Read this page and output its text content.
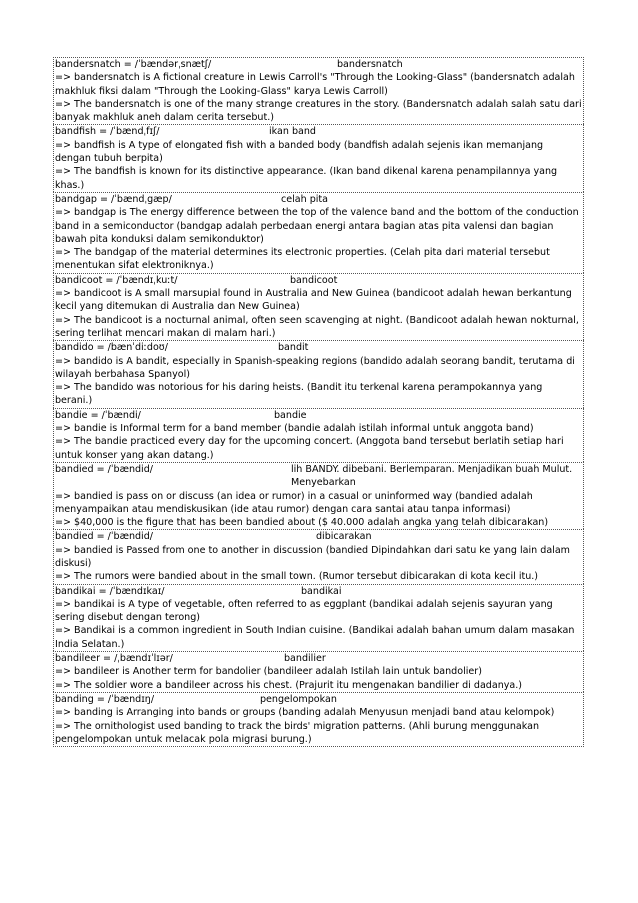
bandersnatch = /ˈbændərˌsnætʃ/	bandersnatch
=> bandersnatch is A fictional creature in Lewis Carroll's "Through the Looking-Glass" (bandersnatch adalah makhluk fiksi dalam "Through the Looking-Glass" karya Lewis Carroll)
=> The bandersnatch is one of the many strange creatures in the story. (Bandersnatch adalah salah satu dari banyak makhluk aneh dalam cerita tersebut.)
bandfish = /ˈbændˌfɪʃ/	ikan band
=> bandfish is A type of elongated fish with a banded body (bandfish adalah sejenis ikan memanjang dengan tubuh berpita)
=> The bandfish is known for its distinctive appearance. (Ikan band dikenal karena penampilannya yang khas.)
bandgap = /ˈbændˌgæp/	celah pita
=> bandgap is The energy difference between the top of the valence band and the bottom of the conduction band in a semiconductor (bandgap adalah perbedaan energi antara bagian atas pita valensi dan bagian bawah pita konduksi dalam semikonduktor)
=> The bandgap of the material determines its electronic properties. (Celah pita dari material tersebut menentukan sifat elektroniknya.)
bandicoot = /ˈbændɪˌkuːt/	bandicoot
=> bandicoot is A small marsupial found in Australia and New Guinea (bandicoot adalah hewan berkantung kecil yang ditemukan di Australia dan New Guinea)
=> The bandicoot is a nocturnal animal, often seen scavenging at night. (Bandicoot adalah hewan nokturnal, sering terlihat mencari makan di malam hari.)
bandido = /bænˈdiːdoʊ/	bandit
=> bandido is A bandit, especially in Spanish-speaking regions (bandido adalah seorang bandit, terutama di wilayah berbahasa Spanyol)
=> The bandido was notorious for his daring heists. (Bandit itu terkenal karena perampokannya yang berani.)
bandie = /ˈbændi/	bandie
=> bandie is Informal term for a band member (bandie adalah istilah informal untuk anggota band)
=> The bandie practiced every day for the upcoming concert. (Anggota band tersebut berlatih setiap hari untuk konser yang akan datang.)
bandied = /ˈbændid/	lih BANDY. dibebani. Berlemparan. Menjadikan buah Mulut. Menyebarkan
=> bandied is pass on or discuss (an idea or rumor) in a casual or uninformed way (bandied adalah menyampaikan atau mendiskusikan (ide atau rumor) dengan cara santai atau tanpa informasi)
=> $40,000 is the figure that has been bandied about ($ 40.000 adalah angka yang telah dibicarakan)
bandied = /ˈbændid/	dibicarakan
=> bandied is Passed from one to another in discussion (bandied Dipindahkan dari satu ke yang lain dalam diskusi)
=> The rumors were bandied about in the small town. (Rumor tersebut dibicarakan di kota kecil itu.)
bandikai = /ˈbændɪkaɪ/	bandikai
=> bandikai is A type of vegetable, often referred to as eggplant (bandikai adalah sejenis sayuran yang sering disebut dengan terong)
=> Bandikai is a common ingredient in South Indian cuisine. (Bandikai adalah bahan umum dalam masakan India Selatan.)
bandileer = /ˌbændɪˈlɪər/	bandilier
=> bandileer is Another term for bandolier (bandileer adalah Istilah lain untuk bandolier)
=> The soldier wore a bandileer across his chest. (Prajurit itu mengenakan bandilier di dadanya.)
banding = /ˈbændɪŋ/	pengelompokan
=> banding is Arranging into bands or groups (banding adalah Menyusun menjadi band atau kelompok)
=> The ornithologist used banding to track the birds' migration patterns. (Ahli burung menggunakan pengelompokan untuk melacak pola migrasi burung.)
